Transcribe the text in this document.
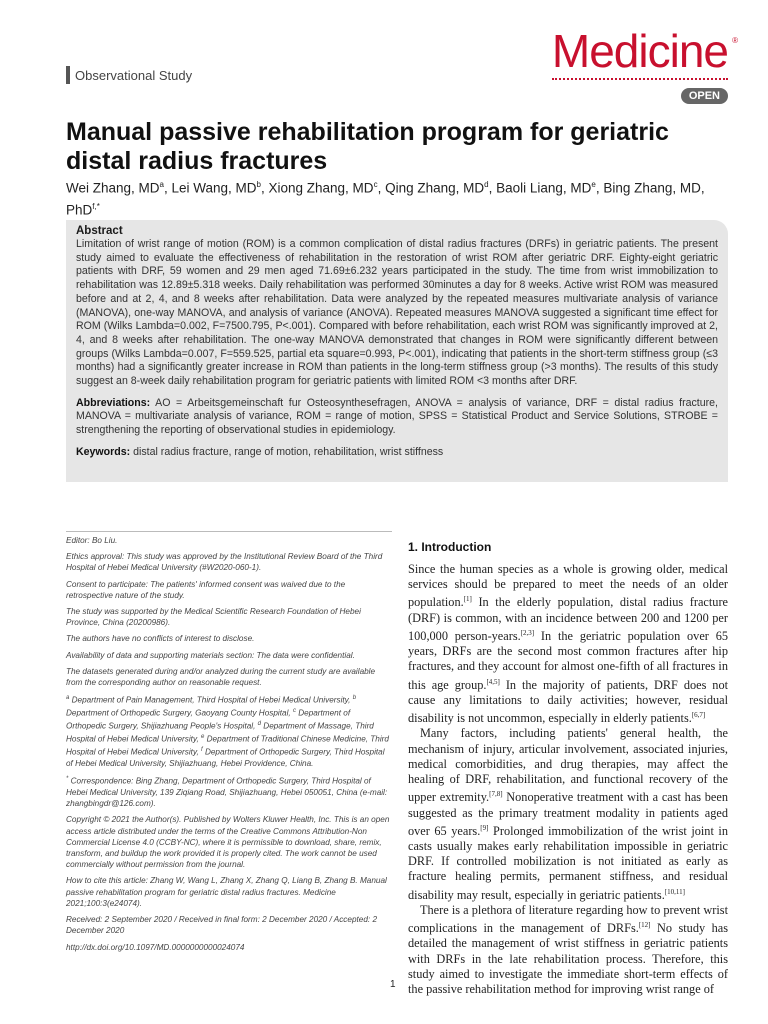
Observational Study	Medicine ®
OPEN
Manual passive rehabilitation program for geriatric distal radius fractures
Wei Zhang, $MD^a$, Lei Wang, $MD^b$, Xiong Zhang, $MD^c$, Qing Zhang, $MD^d$, Baoli Liang, MDe, Bing Zhang, MD, PhD$^{f,*}$
Abstract

Limitation of wrist range of motion (ROM) is a common complication of distal radius fractures (DRFs) in geriatric patients. The present study aimed to evaluate the effectiveness of rehabilitation in the restoration of wrist ROM after geriatric DRF. Eighty-eight geriatric patients with DRF, 59 women and 29 men aged 71.69±6.232 years participated in the study. The time from wrist immobilization to rehabilitation was 12.89±5.318 weeks. Daily rehabilitation was performed 30minutes a day for 8 weeks. Active wrist ROM was measured before and at 2, 4, and 8 weeks after rehabilitation. Data were analyzed by the repeated measures multivariate analysis of variance (MANOVA), one-way MANOVA, and analysis of variance (ANOVA). Repeated measures MANOVA suggested a significant time effect for ROM (Wilks Lambda=0.002, F=7500.795, P<.001). Compared with before rehabilitation, each wrist ROM was significantly improved at 2, 4, and 8 weeks after rehabilitation. The one-way MANOVA demonstrated that changes in ROM were significantly different between groups (Wilks Lambda=0.007, F=559.525, partial eta square=0.993, P<.001), indicating that patients in the short-term stiffness group (≤3 months) had a significantly greater increase in ROM than patients in the long-term stiffness group (>3 months). The results of this study suggest an 8-week daily rehabilitation program for geriatric patients with limited ROM <3 months after DRF.

Abbreviations: AO = Arbeitsgemeinschaft fur Osteosynthesefragen, ANOVA = analysis of variance, DRF = distal radius fracture, MANOVA = multivariate analysis of variance, ROM = range of motion, SPSS = Statistical Product and Service Solutions, STROBE = strengthening the reporting of observational studies in epidemiology.

Keywords: distal radius fracture, range of motion, rehabilitation, wrist stiffness

Editor: Bo Liu.

Ethics approval: This study was approved by the Institutional Review Board of the Third Hospital of Hebei Medical University (#W2020-060-1).

Consent to participate: The patients' informed consent was waived due to the retrospective nature of the study.

The study was supported by the Medical Scientific Research Foundation of Hebei Province, China (20200986).

The authors have no conflicts of interest to disclose.

Availability of data and supporting materials section: The data were confidential.

The datasets generated during and/or analyzed during the current study are available from the corresponding author on reasonable request.

$^a$ Department of Pain Management, Third Hospital of Hebei Medical University, $^b$ Department of Orthopedic Surgery, Gaoyang County Hospital, $^c$ Department of Orthopedic Surgery, Shijiazhuang People's Hospital, $^d$ Department of Massage, Third Hospital of Hebei Medical University, $^e$ Department of Traditional Chinese Medicine, Third Hospital of Hebei Medical University, $^f$ Department of Orthopedic Surgery, Third Hospital of Hebei Medical University, Shijiazhuang, Hebei Providence, China.

* Correspondence: Bing Zhang, Department of Orthopedic Surgery, Third Hospital of Hebei Medical University, 139 Ziqiang Road, Shijiazhuang, Hebei 050051, China (e-mail: zhangbingdr@126.com).

Copyright © 2021 the Author(s). Published by Wolters Kluwer Health, Inc. This is an open access article distributed under the terms of the Creative Commons Attribution-Non Commercial License 4.0 (CCBY-NC), where it is permissible to download, share, remix, transform, and buildup the work provided it is properly cited. The work cannot be used commercially without permission from the journal.

How to cite this article: Zhang W, Wang L, Zhang X, Zhang Q, Liang B, Zhang B. Manual passive rehabilitation program for geriatric distal radius fractures. Medicine 2021;100:3(e24074).

Received: 2 September 2020 / Received in final form: 2 December 2020 / Accepted: 2 December 2020

http://dx.doi.org/10.1097/MD.0000000000024074

1. Introduction

Since the human species as a whole is growing older, medical services should be prepared to meet the needs of an older population.[1] In the elderly population, distal radius fracture (DRF) is common, with an incidence between 200 and 1200 per 100,000 person-years.[2,3] In the geriatric population over 65 years, DRFs are the second most common fractures after hip fractures, and they account for almost one-fifth of all fractures in this age group.[4,5] In the majority of patients, DRF does not cause any limitations to daily activities; however, residual disability is not uncommon, especially in elderly patients.[6,7]

Many factors, including patients' general health, the mechanism of injury, articular involvement, associated injuries, medical comorbidities, and drug therapies, may affect the healing of DRF, rehabilitation, and functional recovery of the upper extremity.[7,8] Nonoperative treatment with a cast has been suggested as the primary treatment modality in patients aged over 65 years.[9] Prolonged immobilization of the wrist joint in casts usually makes early rehabilitation impossible in geriatric DRF. If controlled mobilization is not initiated as early as fracture healing permits, permanent stiffness, and residual disability may result, especially in geriatric patients.[10,11]

There is a plethora of literature regarding how to prevent wrist complications in the management of DRFs.[12] No study has detailed the management of wrist stiffness in geriatric patients with DRFs in the late rehabilitation process. Therefore, this study aimed to investigate the immediate short-term effects of the passive rehabilitation method for improving wrist range of

1
